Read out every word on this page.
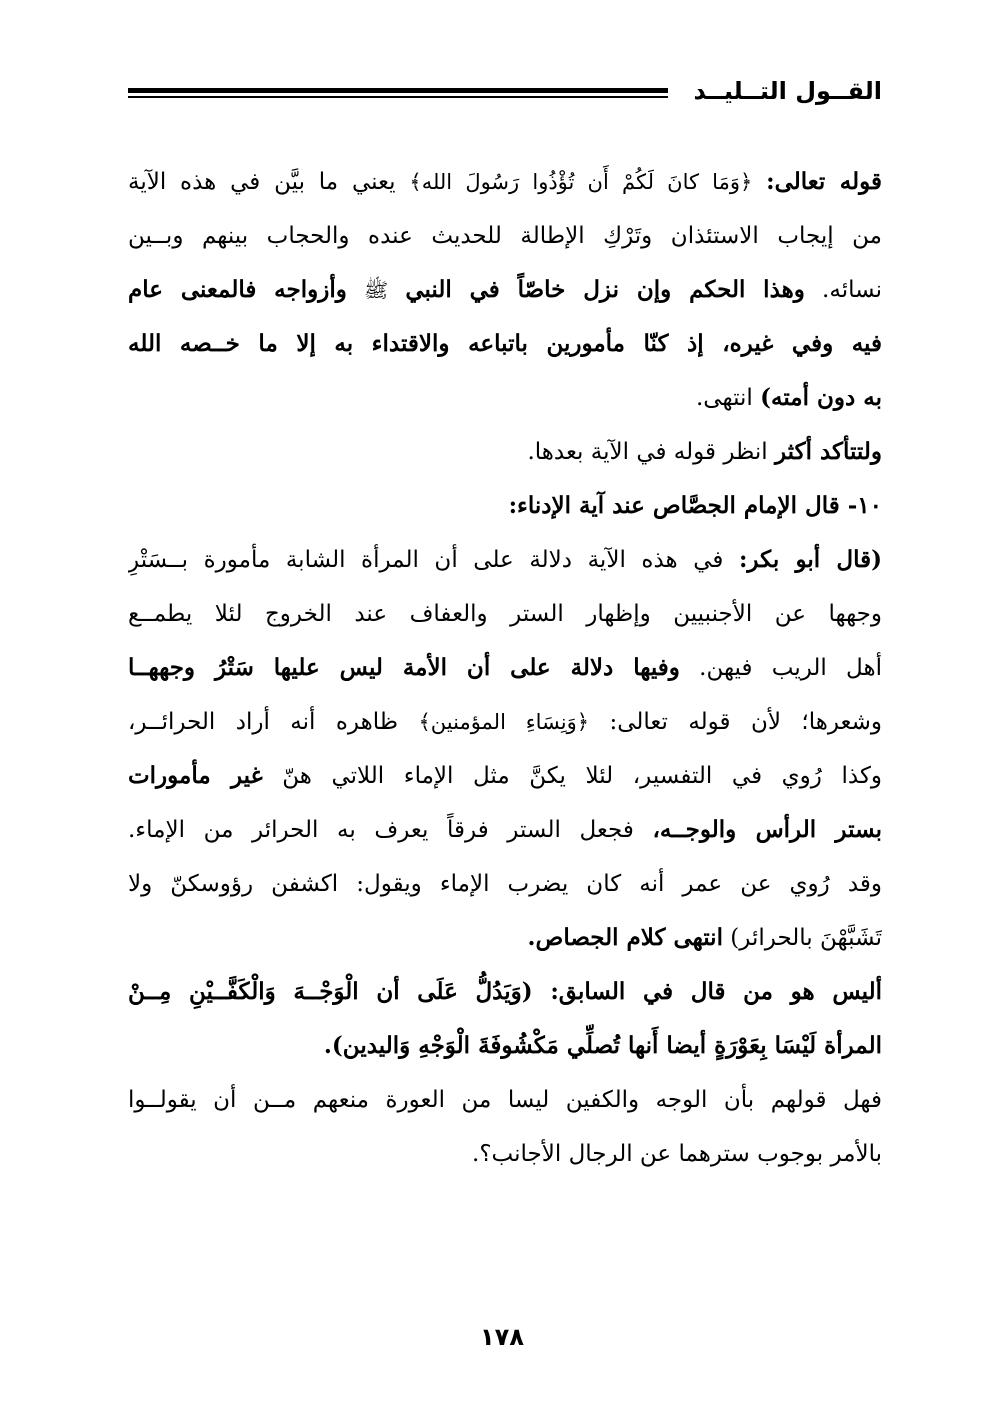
القــول التــليــد
قوله تعالى: ﴿وَمَا كانَ لَكُمْ أَن تُؤْذُوا رَسُولَ الله﴾ يعني ما بيَّن في هذه الآية
من إيجاب الاستئذان وتَرْكِ الإطالة للحديث عنده والحجاب بينهم وبــين
نسائه. وهذا الحكم وإن نزل خاصّاً في النبي ﷺ وأزواجه فالمعنى عام
فيه وفي غيره، إذ كنّا مأمورين باتباعه والاقتداء به إلا ما خــصه الله
به دون أمته) انتهى.
ولتتأكد أكثر انظر قوله في الآية بعدها.
١٠- قال الإمام الجصَّاص عند آية الإدناء:
(قال أبو بكر: في هذه الآية دلالة على أن المرأة الشابة مأمورة بــسَتْرِ
وجهها عن الأجنبيين وإظهار الستر والعفاف عند الخروج لئلا يطمــع
أهل الريب فيهن. وفيها دلالة على أن الأمة ليس عليها سَتْرُ وجههــا
وشعرها؛ لأن قوله تعالى: ﴿وَنِسَاءِ المؤمنين﴾ ظاهره أنه أراد الحرائــر،
وكذا رُوي في التفسير، لئلا يكنَّ مثل الإماء اللاتي هنّ غير مأمورات
بستر الرأس والوجــه، فجعل الستر فرقاً يعرف به الحرائر من الإماء.
وقد رُوي عن عمر أنه كان يضرب الإماء ويقول: اكشفن رؤوسكنّ ولا
تَشَبَّهْنَ بالحرائر) انتهى كلام الجصاص.
أليس هو من قال في السابق: (وَيَدُلُّ عَلَى أن الْوَجْــهَ وَالْكَفَّــيْنِ مِــنْ
المرأة لَيْسَا بِعَوْرَةٍ أيضا أَنها تُصلِّي مَكْشُوفَةَ الْوَجْهِ وَاليدين).
فهل قولهم بأن الوجه والكفين ليسا من العورة منعهم مــن أن يقولــوا
بالأمر بوجوب سترهما عن الرجال الأجانب؟.
١٧٨
